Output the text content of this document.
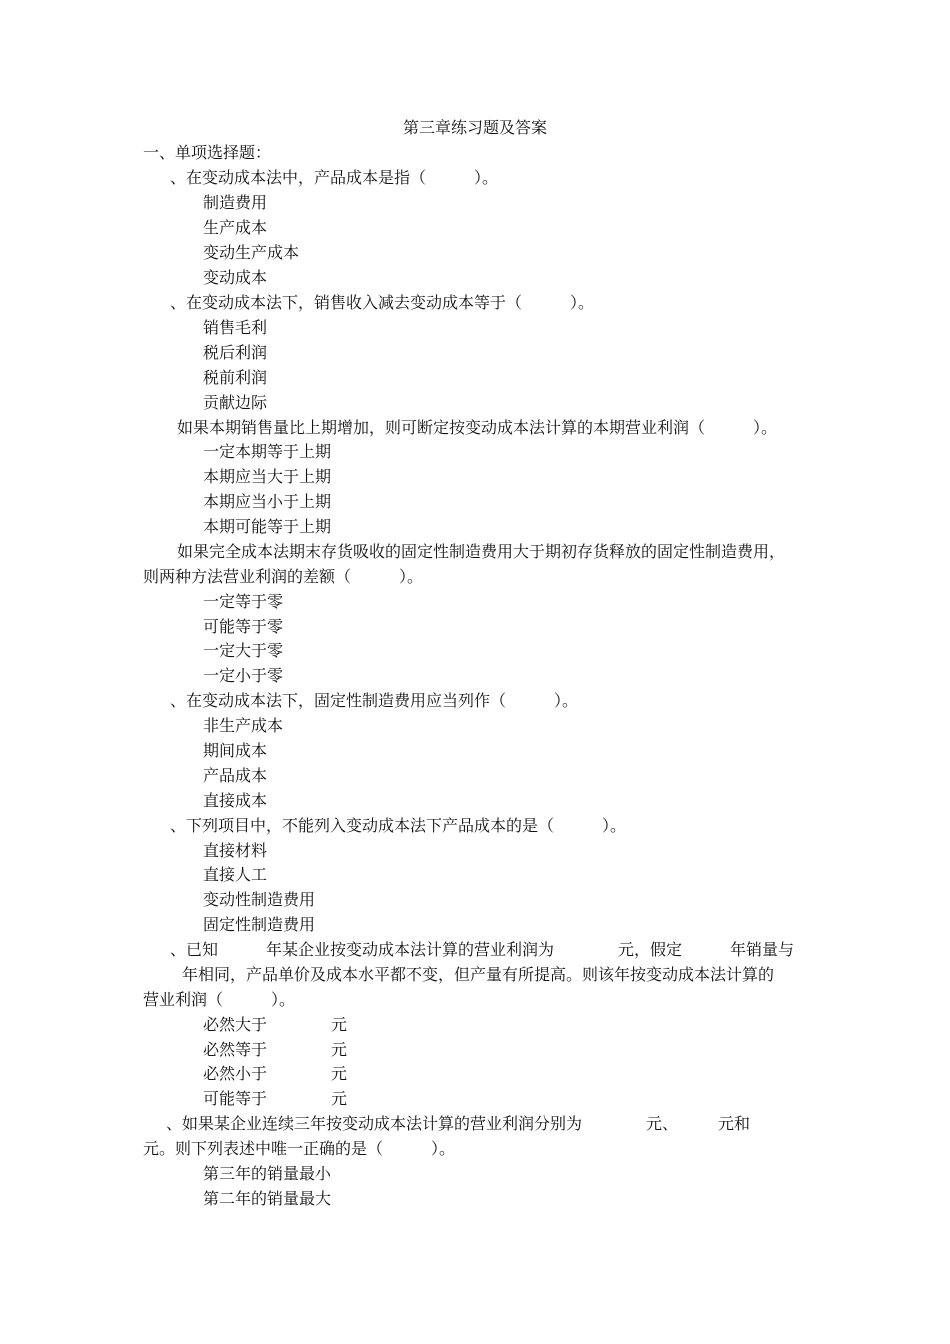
第三章练习题及答案
一、单项选择题：
、在变动成本法中，产品成本是指（　　　）。
制造费用
生产成本
变动生产成本
变动成本
、在变动成本法下，销售收入减去变动成本等于（　　　）。
销售毛利
税后利润
税前利润
贡献边际
如果本期销售量比上期增加，则可断定按变动成本法计算的本期营业利润（　　　）。
一定本期等于上期
本期应当大于上期
本期应当小于上期
本期可能等于上期
如果完全成本法期末存货吸收的固定性制造费用大于期初存货释放的固定性制造费用，
则两种方法营业利润的差额（　　　）。
一定等于零
可能等于零
一定大于零
一定小于零
、在变动成本法下，固定性制造费用应当列作（　　　）。
非生产成本
期间成本
产品成本
直接成本
、下列项目中，不能列入变动成本法下产品成本的是（　　　）。
直接材料
直接人工
变动性制造费用
固定性制造费用
、已知　　　年某企业按变动成本法计算的营业利润为　　　　元，假定　　　年销量与
年相同，产品单价及成本水平都不变，但产量有所提高。则该年按变动成本法计算的
营业利润（　　　）。
必然大于　　　　元
必然等于　　　　元
必然小于　　　　元
可能等于　　　　元
、如果某企业连续三年按变动成本法计算的营业利润分别为　　　　元、　　　元和
元。则下列表述中唯一正确的是（　　　）。
第三年的销量最小
第二年的销量最大
